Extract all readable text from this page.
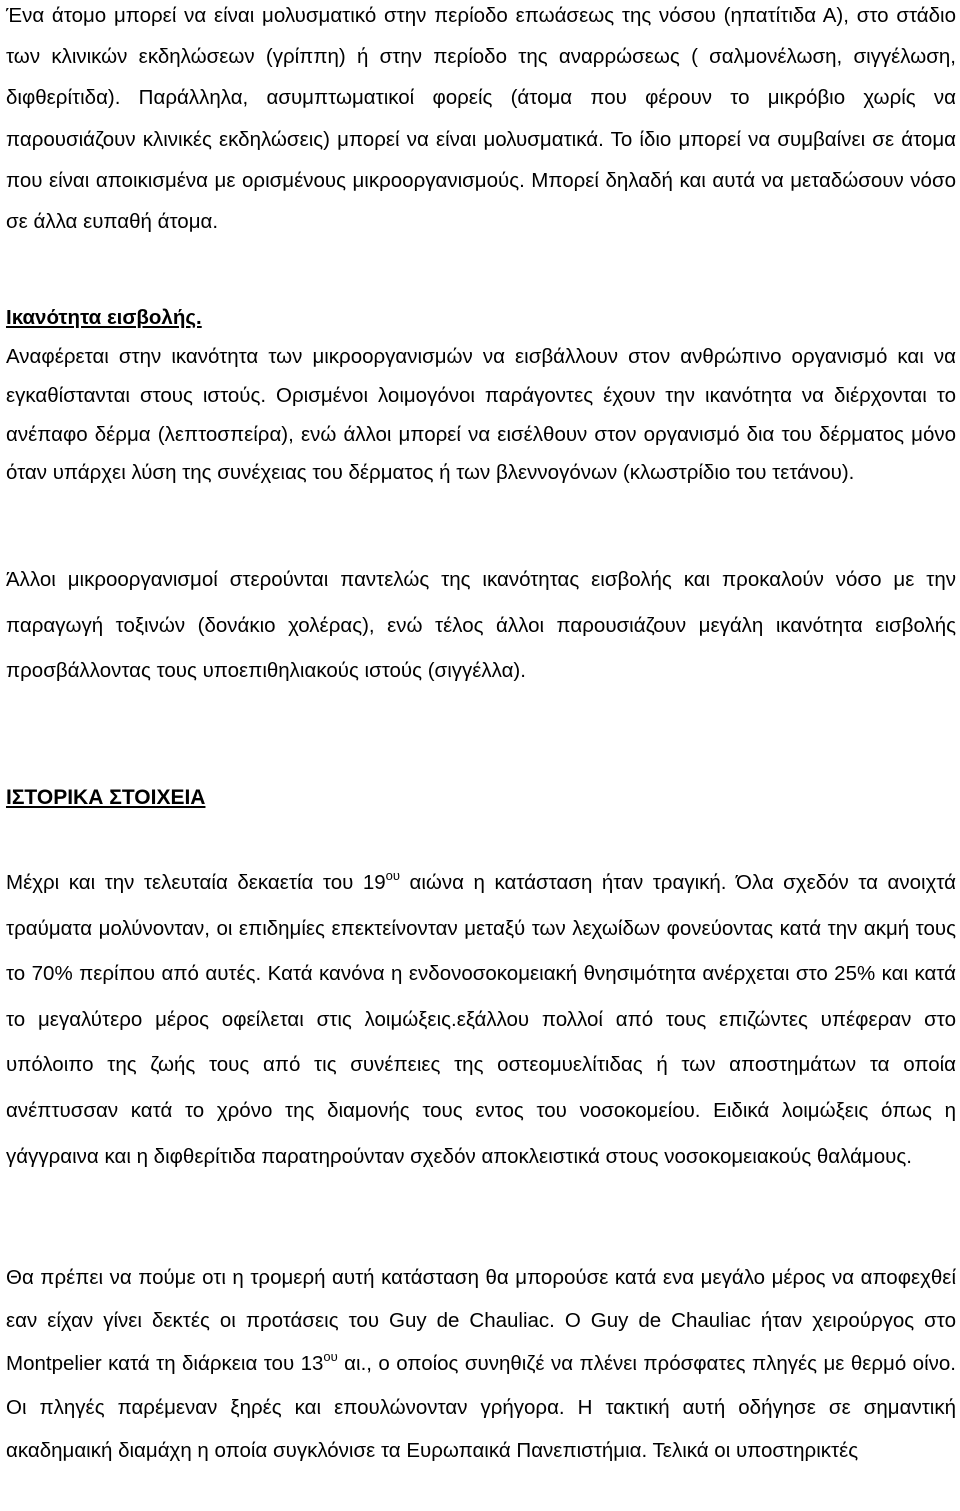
Ένα άτομο μπορεί να είναι μολυσματικό στην περίοδο επωάσεως της νόσου (ηπατίτιδα Α), στο στάδιο των κλινικών εκδηλώσεων (γρίππη) ή στην περίοδο της αναρρώσεως ( σαλμονέλωση, σιγγέλωση, διφθερίτιδα). Παράλληλα, ασυμπτωματικοί φορείς (άτομα που φέρουν το μικρόβιο χωρίς να παρουσιάζουν κλινικές εκδηλώσεις) μπορεί να είναι μολυσματικά. Το ίδιο μπορεί να συμβαίνει σε άτομα που είναι αποικισμένα με ορισμένους μικροοργανισμούς. Μπορεί δηλαδή και αυτά να μεταδώσουν νόσο σε άλλα ευπαθή άτομα.

Ικανότητα εισβολής.

Αναφέρεται στην ικανότητα των μικροοργανισμών να εισβάλλουν στον ανθρώπινο οργανισμό και να εγκαθίστανται στους ιστούς. Ορισμένοι λοιμογόνοι παράγοντες έχουν την ικανότητα να διέρχονται το ανέπαφο δέρμα (λεπτοσπείρα), ενώ άλλοι μπορεί να εισέλθουν στον οργανισμό δια του δέρματος μόνο όταν υπάρχει λύση της συνέχειας του δέρματος ή των βλεννογόνων (κλωστρίδιο του τετάνου).

Άλλοι μικροοργανισμοί στερούνται παντελώς της ικανότητας εισβολής και προκαλούν νόσο με την παραγωγή τοξινών (δονάκιο χολέρας), ενώ τέλος άλλοι παρουσιάζουν μεγάλη ικανότητα εισβολής προσβάλλοντας τους υποεπιθηλιακούς ιστούς (σιγγέλλα).

ΙΣΤΟΡΙΚΑ ΣΤΟΙΧΕΙΑ

Μέχρι και την τελευταία δεκαετία του $19^{o\upsilon}$ αιώνα η κατάσταση ήταν τραγική. Όλα σχεδόν τα ανοιχτά τραύματα μολύνονταν, οι επιδημίες επεκτείνονταν μεταξύ των λεχωίδων φονεύοντας κατά την ακμή τους το 70% περίπου από αυτές. Κατά κανόνα η ενδονοσοκομειακή θνησιμότητα ανέρχεται στο 25% και κατά το μεγαλύτερο μέρος οφείλεται στις λοιμώξεις.εξάλλου πολλοί από τους επιζώντες υπέφεραν στο υπόλοιπο της ζωής τους από τις συνέπειες της οστεομυελίτιδας ή των αποστημάτων τα οποία ανέπτυσσαν κατά το χρόνο της διαμονής τους εντος του νοσοκομείου. Ειδικά λοιμώξεις όπως η γάγγραινα και η διφθερίτιδα παρατηρούνταν σχεδόν αποκλειστικά στους νοσοκομειακούς θαλάμους.

Θα πρέπει να πούμε οτι η τρομερή αυτή κατάσταση θα μπορούσε κατά ενα μεγάλο μέρος να αποφεχθεί εαν είχαν γίνει δεκτές οι προτάσεις του Guy de Chauliac. O Guy de Chauliac ήταν χειρούργος στο Montpelier κατά τη διάρκεια του $13^{o\upsilon}$ αι., ο οποίος συνηθιζέ να πλένει πρόσφατες πληγές με θερμό οίνο. Οι πληγές παρέμεναν ξηρές και επουλώνονταν γρήγορα. Η τακτική αυτή οδήγησε σε σημαντική ακαδημαική διαμάχη η οποία συγκλόνισε τα Ευρωπαικά Πανεπιστήμια. Τελικά οι υποστηρικτές
